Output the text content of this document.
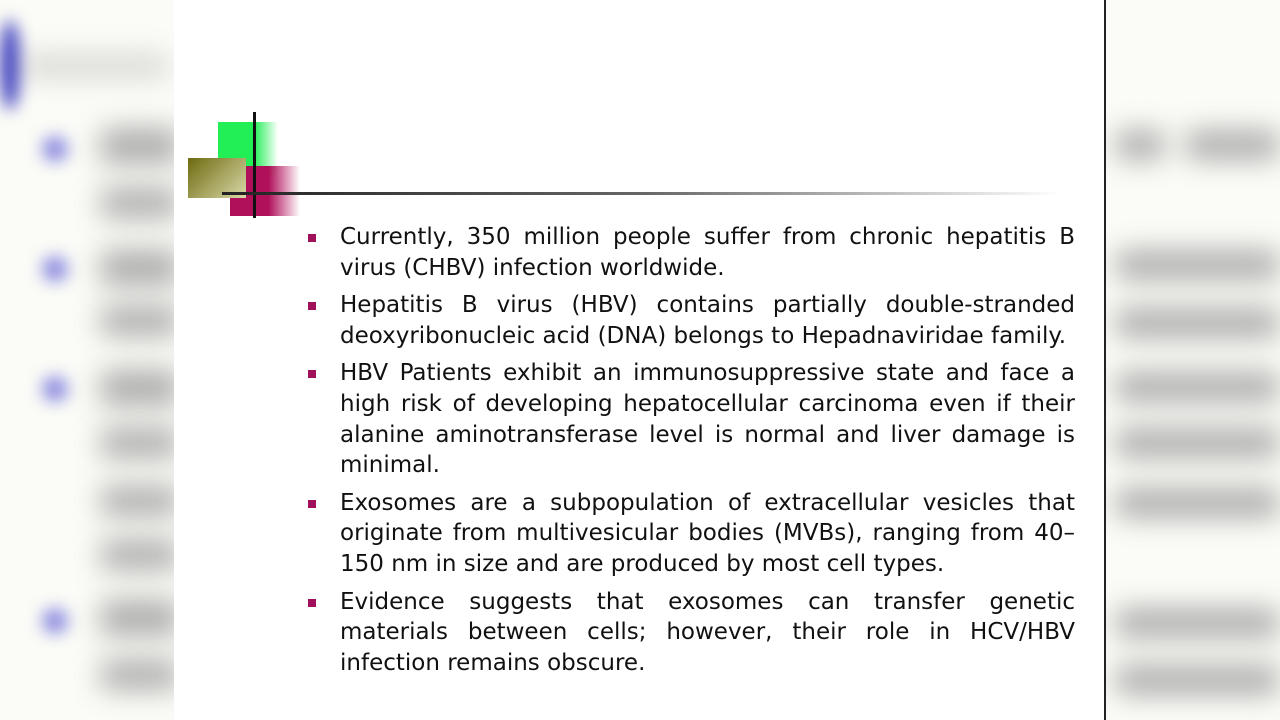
Currently, 350 million people suffer from chronic hepatitis B virus (CHBV) infection worldwide.
Hepatitis B virus (HBV) contains partially double-stranded deoxyribonucleic acid (DNA) belongs to Hepadnaviridae family.
HBV Patients exhibit an immunosuppressive state and face a high risk of developing hepatocellular carcinoma even if their alanine aminotransferase level is normal and liver damage is minimal.
Exosomes are a subpopulation of extracellular vesicles that originate from multivesicular bodies (MVBs), ranging from 40–150 nm in size and are produced by most cell types.
Evidence suggests that exosomes can transfer genetic materials between cells; however, their role in HCV/HBV infection remains obscure.
